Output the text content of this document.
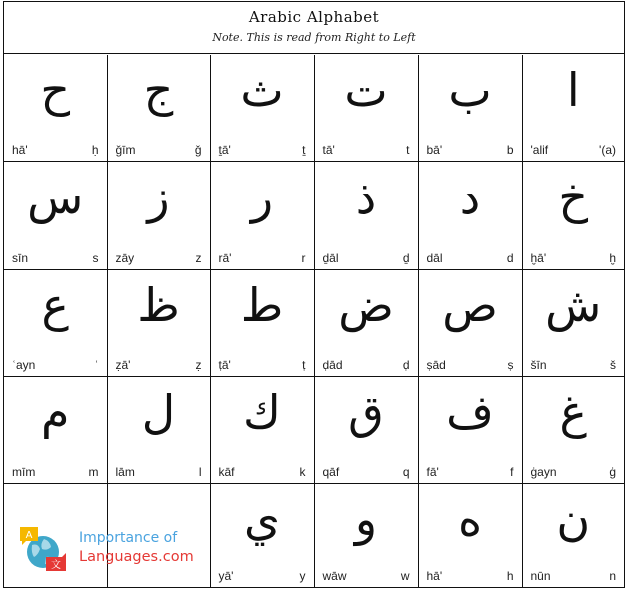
Arabic Alphabet
Note. This is read from Right to Left
ح
hā'	ḥ
ج
ǧīm	ǧ
ث
ṯā'	ṯ
ت
tā'	t
ب
bā'	b
ا
'alif	'(a)
س
sīn	s
ز
zāy	z
ر
rā'	r
ذ
ḏāl	ḏ
د
dāl	d
خ
ḫā'	ḫ
ع
ʿayn	ʿ
ظ
ẓā'	ẓ
ط
ṭā'	ṭ
ض
ḍād	ḍ
ص
ṣād	ṣ
ش
šīn	š
م
mīm	m
ل
lām	l
ك
kāf	k
ق
qāf	q
ف
fā'	f
غ
ġayn	ġ
A
文
Importance of
Languages.com
ي
yā'	y
و
wāw	w
ه
hā'	h
ن
nūn	n
